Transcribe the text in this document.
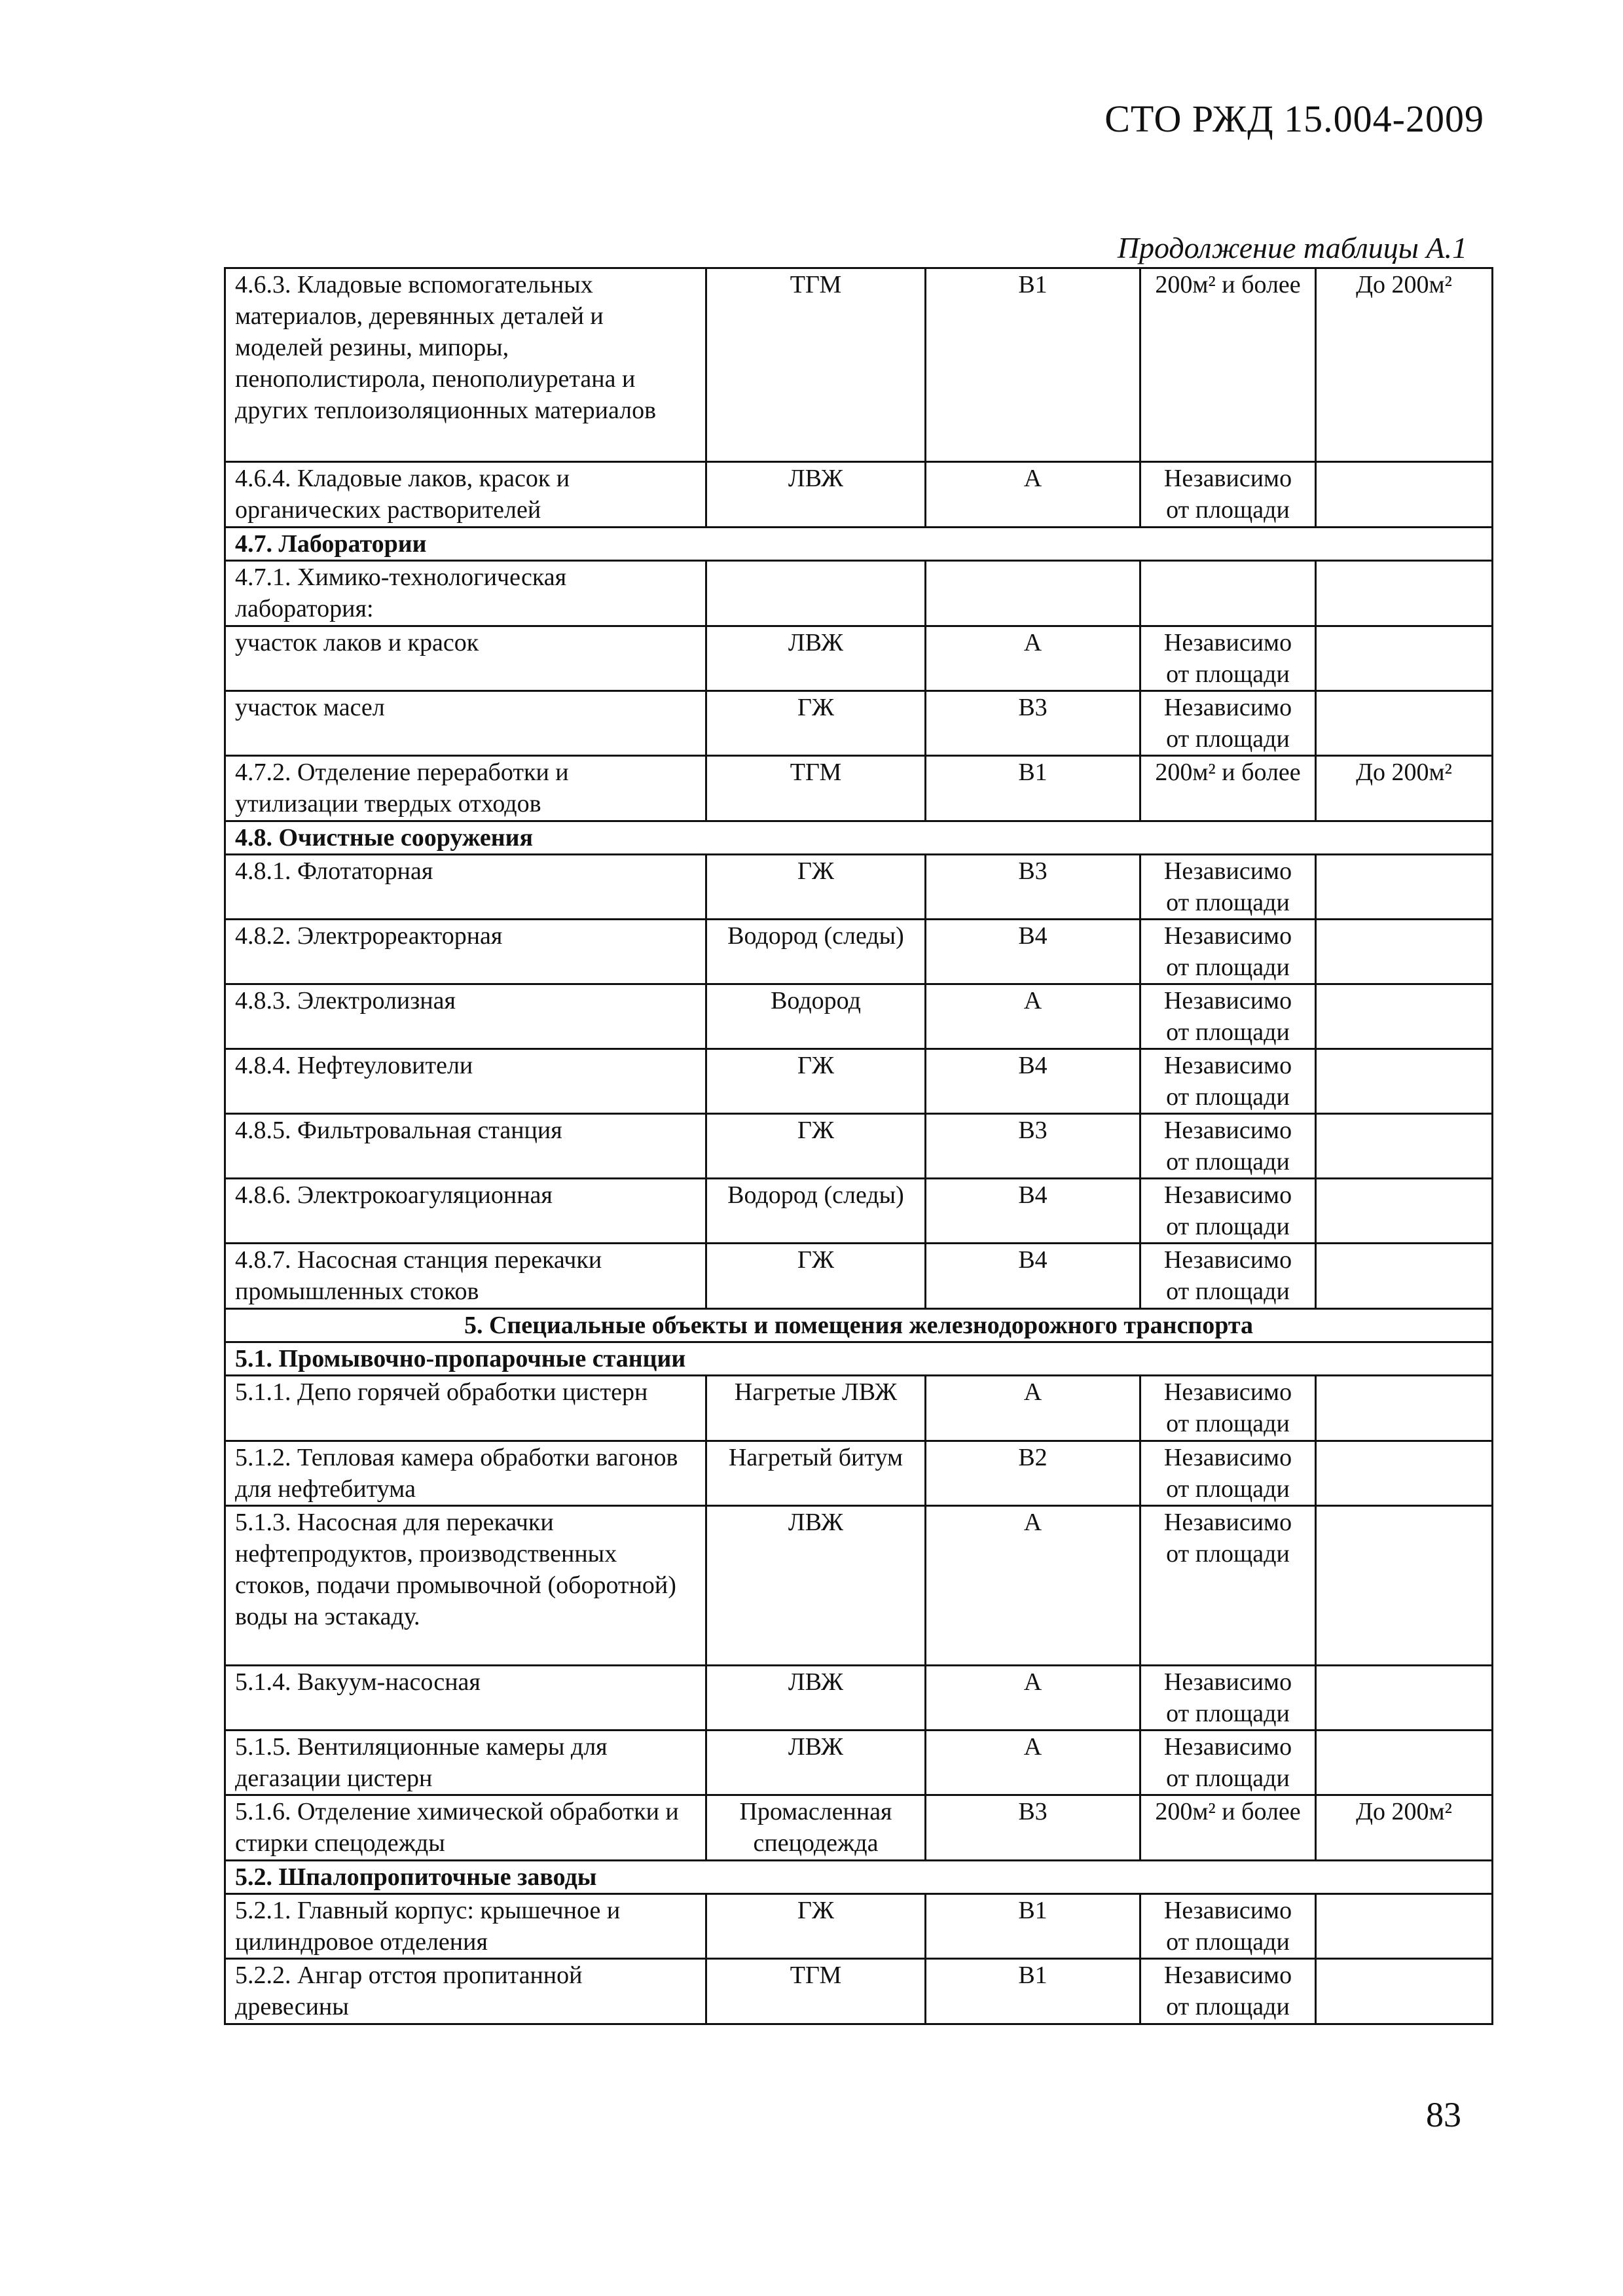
СТО РЖД 15.004-2009
Продолжение таблицы А.1
4.6.3. Кладовые вспомогательных материалов, деревянных деталей и моделей резины, мипоры, пенополистирола, пенополиуретана и других теплоизоляционных материалов	ТГМ	В1	200м² и более	До 200м²
4.6.4. Кладовые лаков, красок и органических растворителей	ЛВЖ	А	Независимо от площади	
4.7. Лаборатории				
4.7.1. Химико-технологическая лаборатория:				
участок лаков и красок	ЛВЖ	А	Независимо от площади	
участок масел	ГЖ	В3	Независимо от площади	
4.7.2. Отделение переработки и утилизации твердых отходов	ТГМ	В1	200м² и более	До 200м²
4.8. Очистные сооружения				
4.8.1. Флотаторная	ГЖ	В3	Независимо от площади	
4.8.2. Электрореакторная	Водород (следы)	В4	Независимо от площади	
4.8.3. Электролизная	Водород	А	Независимо от площади	
4.8.4. Нефтеуловители	ГЖ	В4	Независимо от площади	
4.8.5. Фильтровальная станция	ГЖ	В3	Независимо от площади	
4.8.6. Электрокоагуляционная	Водород (следы)	В4	Независимо от площади	
4.8.7. Насосная станция перекачки промышленных стоков	ГЖ	В4	Независимо от площади	
5. Специальные объекты и помещения железнодорожного транспорта				
5.1. Промывочно-пропарочные станции				
5.1.1. Депо горячей обработки цистерн	Нагретые ЛВЖ	А	Независимо от площади	
5.1.2. Тепловая камера обработки вагонов для нефтебитума	Нагретый битум	В2	Независимо от площади	
5.1.3. Насосная для перекачки нефтепродуктов, производственных стоков, подачи промывочной (оборотной) воды на эстакаду.	ЛВЖ	А	Независимо от площади	
5.1.4. Вакуум-насосная	ЛВЖ	А	Независимо от площади	
5.1.5. Вентиляционные камеры для дегазации цистерн	ЛВЖ	А	Независимо от площади	
5.1.6. Отделение химической обработки и стирки спецодежды	Промасленная спецодежда	В3	200м² и более	До 200м²
5.2. Шпалопропиточные заводы				
5.2.1. Главный корпус: крышечное и цилиндровое отделения	ГЖ	В1	Независимо от площади	
5.2.2. Ангар отстоя пропитанной древесины	ТГМ	В1	Независимо от площади	
83
